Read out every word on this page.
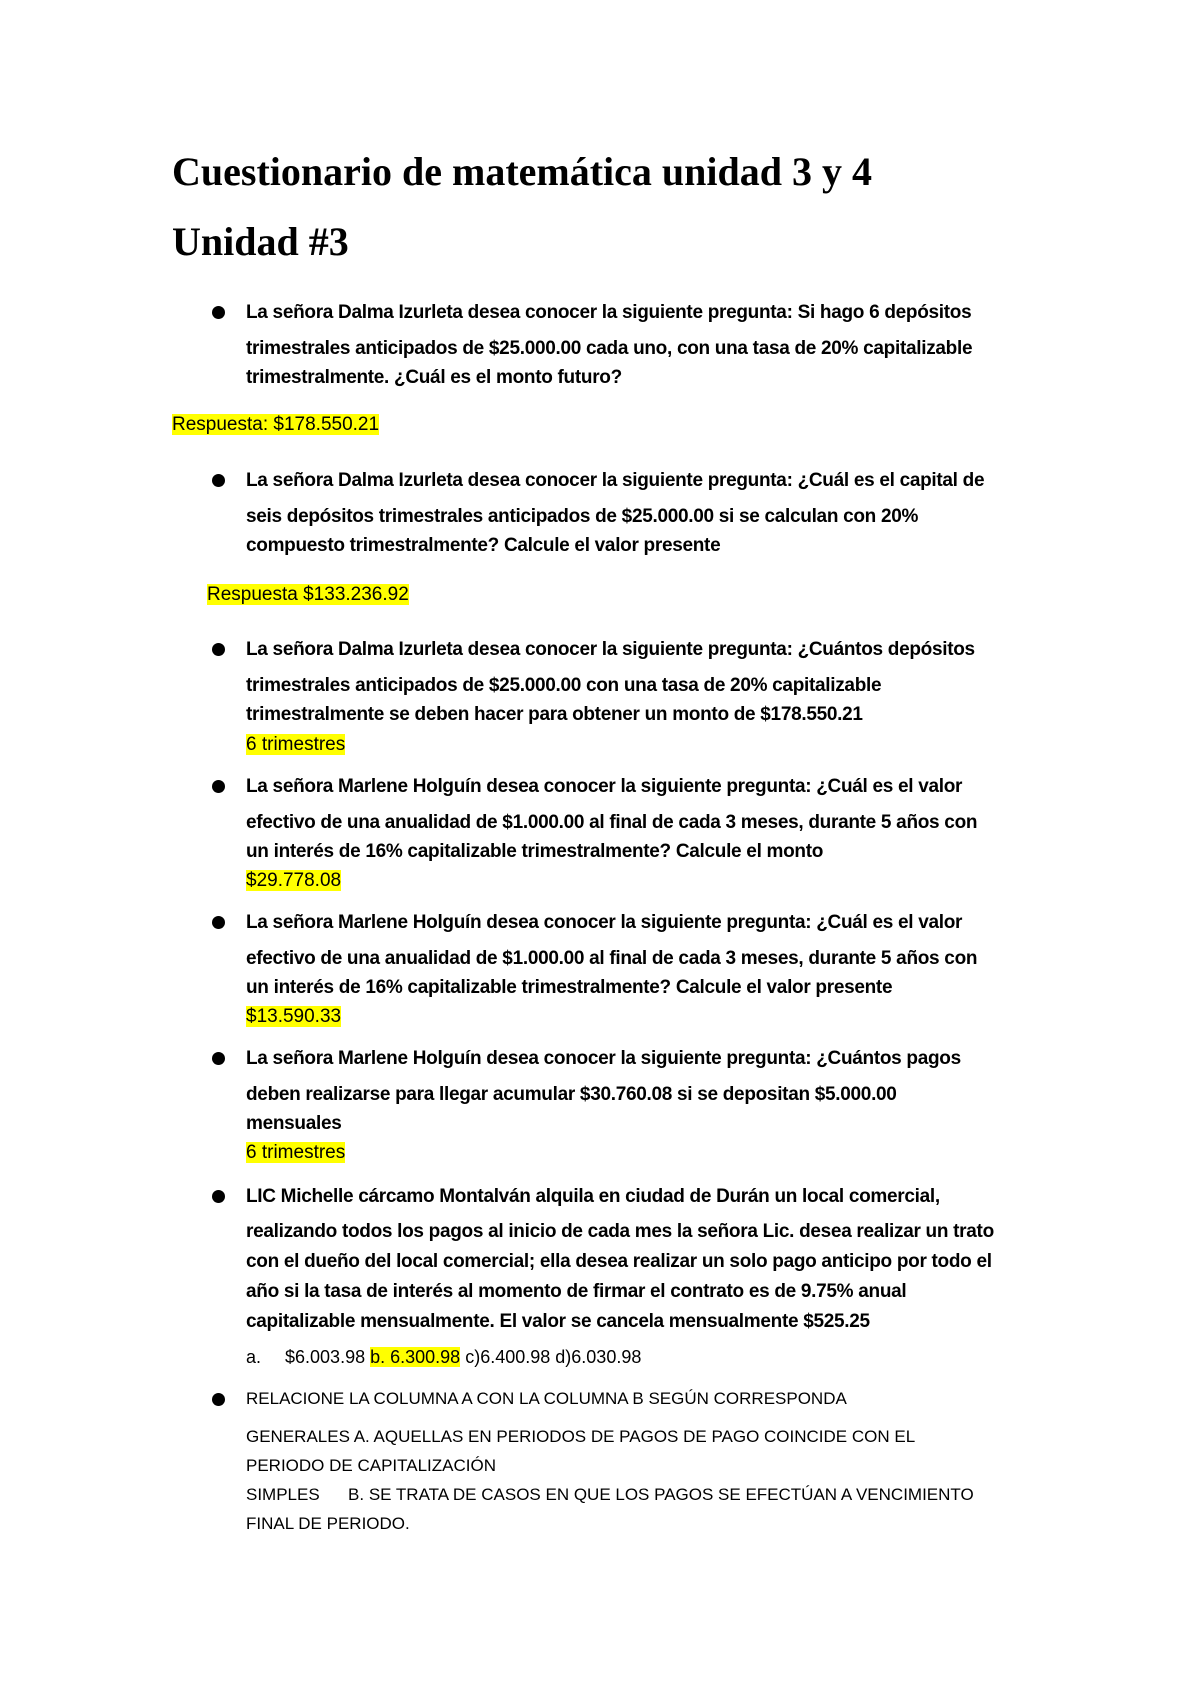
Cuestionario de matemática unidad 3 y 4
Unidad #3
La señora Dalma Izurleta desea conocer la siguiente pregunta: Si hago 6 depósitos
trimestrales anticipados de $25.000.00 cada uno, con una tasa de 20% capitalizable
trimestralmente. ¿Cuál es el monto futuro?
Respuesta: $178.550.21
La señora Dalma Izurleta desea conocer la siguiente pregunta: ¿Cuál es el capital de
seis depósitos trimestrales anticipados de $25.000.00 si se calculan con 20%
compuesto trimestralmente? Calcule el valor presente
Respuesta $133.236.92
La señora Dalma Izurleta desea conocer la siguiente pregunta: ¿Cuántos depósitos
trimestrales anticipados de $25.000.00 con una tasa de 20% capitalizable
trimestralmente se deben hacer para obtener un monto de $178.550.21
6 trimestres
La señora Marlene Holguín desea conocer la siguiente pregunta: ¿Cuál es el valor
efectivo de una anualidad de $1.000.00 al final de cada 3 meses, durante 5 años con
un interés de 16% capitalizable trimestralmente? Calcule el monto
$29.778.08
La señora Marlene Holguín desea conocer la siguiente pregunta: ¿Cuál es el valor
efectivo de una anualidad de $1.000.00 al final de cada 3 meses, durante 5 años con
un interés de 16% capitalizable trimestralmente? Calcule el valor presente
$13.590.33
La señora Marlene Holguín desea conocer la siguiente pregunta: ¿Cuántos pagos
deben realizarse para llegar acumular $30.760.08 si se depositan $5.000.00
mensuales
6 trimestres
LIC Michelle cárcamo Montalván alquila en ciudad de Durán un local comercial,
realizando todos los pagos al inicio de cada mes la señora Lic. desea realizar un trato
con el dueño del local comercial; ella desea realizar un solo pago anticipo por todo el
año si la tasa de interés al momento de firmar el contrato es de 9.75% anual
capitalizable mensualmente. El valor se cancela mensualmente $525.25
a. $6.003.98 b. 6.300.98 c)6.400.98 d)6.030.98
RELACIONE LA COLUMNA A CON LA COLUMNA B SEGÚN CORRESPONDA
GENERALES A. AQUELLAS EN PERIODOS DE PAGOS DE PAGO COINCIDE CON EL
PERIODO DE CAPITALIZACIÓN
SIMPLES      B. SE TRATA DE CASOS EN QUE LOS PAGOS SE EFECTÚAN A VENCIMIENTO
FINAL DE PERIODO.
